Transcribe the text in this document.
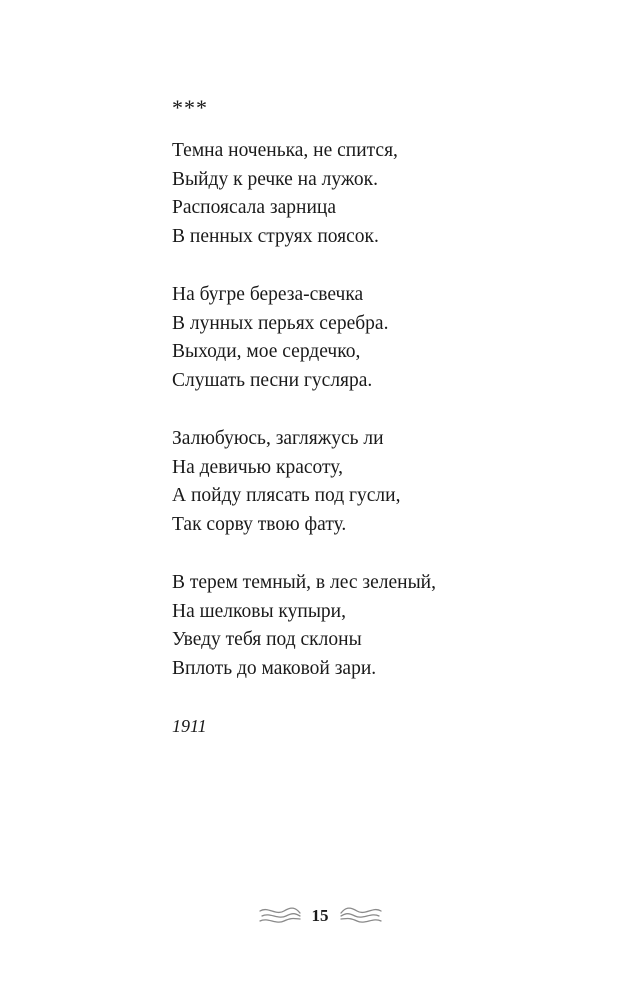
***
Темна ноченька, не спится,
Выйду к речке на лужок.
Распоясала зарница
В пенных струях поясок.
На бугре береза-свечка
В лунных перьях серебра.
Выходи, мое сердечко,
Слушать песни гусляра.
Залюбуюсь, загляжусь ли
На девичью красоту,
А пойду плясать под гусли,
Так сорву твою фату.
В терем темный, в лес зеленый,
На шелковы купыри,
Уведу тебя под склоны
Вплоть до маковой зари.
1911
15
